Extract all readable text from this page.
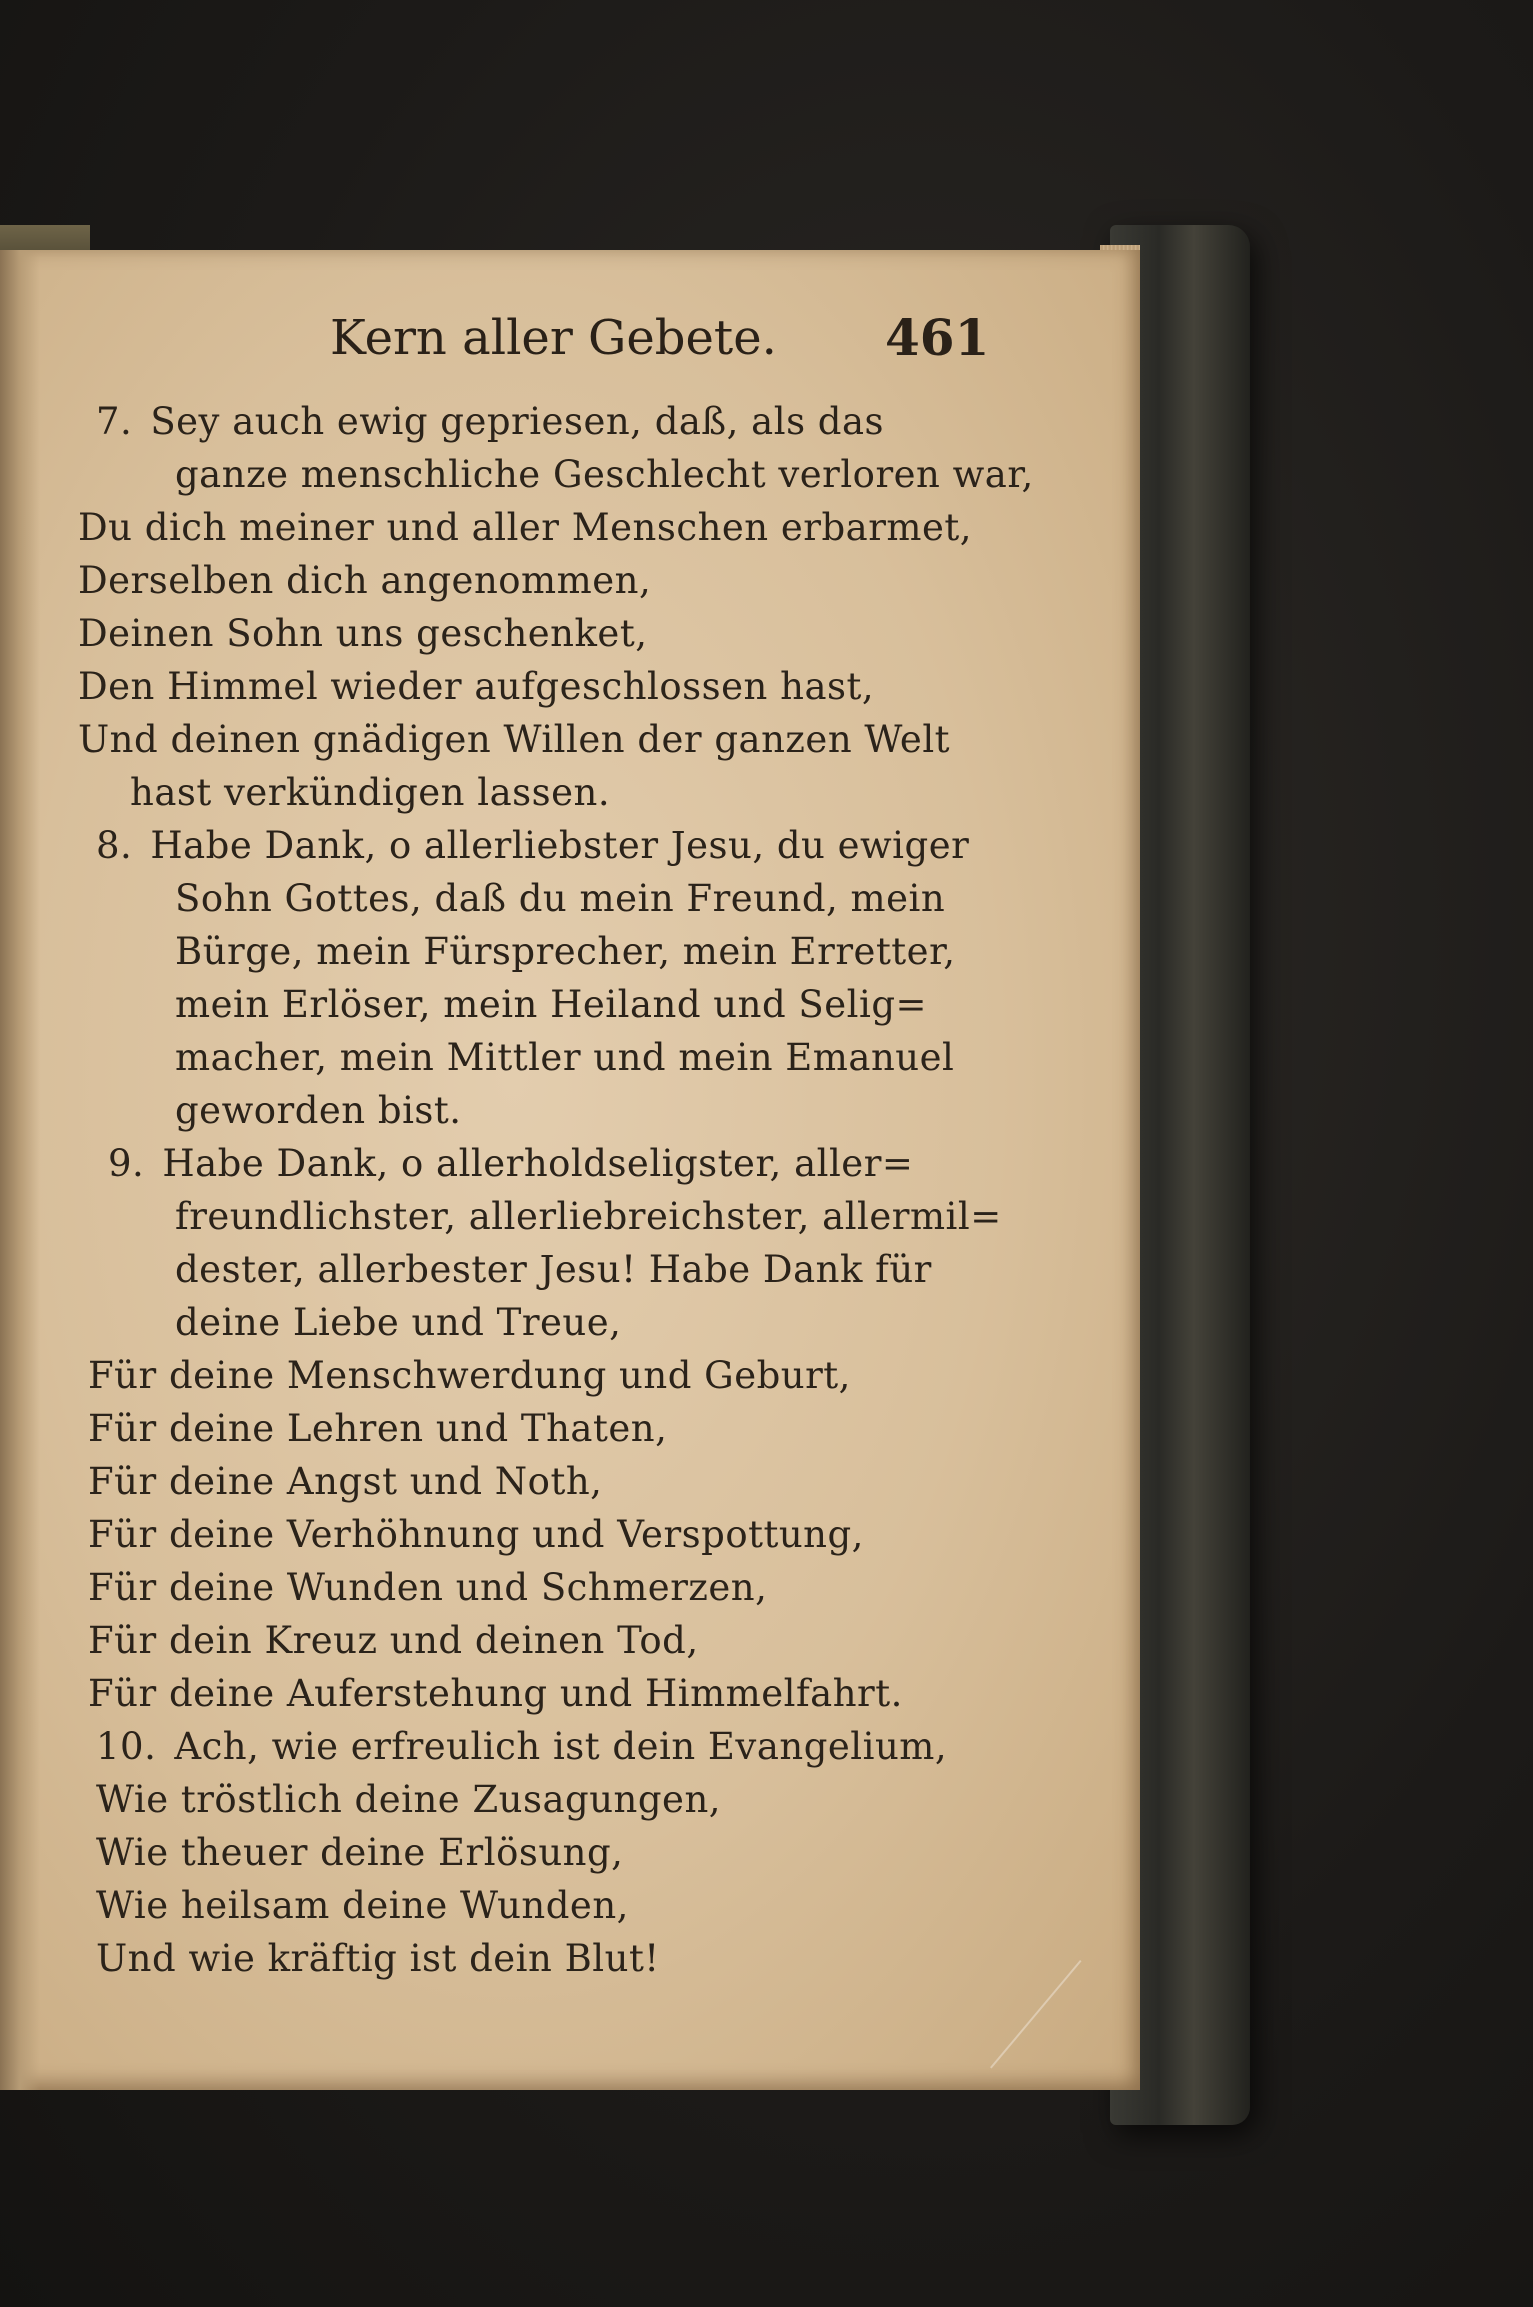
Kern aller Gebete. 461
7. Sey auch ewig gepriesen, daß, als das
ganze menschliche Geschlecht verloren war,
Du dich meiner und aller Menschen erbarmet,
Derselben dich angenommen,
Deinen Sohn uns geschenket,
Den Himmel wieder aufgeschlossen hast,
Und deinen gnädigen Willen der ganzen Welt
hast verkündigen lassen.
8. Habe Dank, o allerliebster Jesu, du ewiger
Sohn Gottes, daß du mein Freund, mein
Bürge, mein Fürsprecher, mein Erretter,
mein Erlöser, mein Heiland und Selig=
macher, mein Mittler und mein Emanuel
geworden bist.
9. Habe Dank, o allerholdseligster, aller=
freundlichster, allerliebreichster, allermil=
dester, allerbester Jesu! Habe Dank für
deine Liebe und Treue,
Für deine Menschwerdung und Geburt,
Für deine Lehren und Thaten,
Für deine Angst und Noth,
Für deine Verhöhnung und Verspottung,
Für deine Wunden und Schmerzen,
Für dein Kreuz und deinen Tod,
Für deine Auferstehung und Himmelfahrt.
10. Ach, wie erfreulich ist dein Evangelium,
Wie tröstlich deine Zusagungen,
Wie theuer deine Erlösung,
Wie heilsam deine Wunden,
Und wie kräftig ist dein Blut!
